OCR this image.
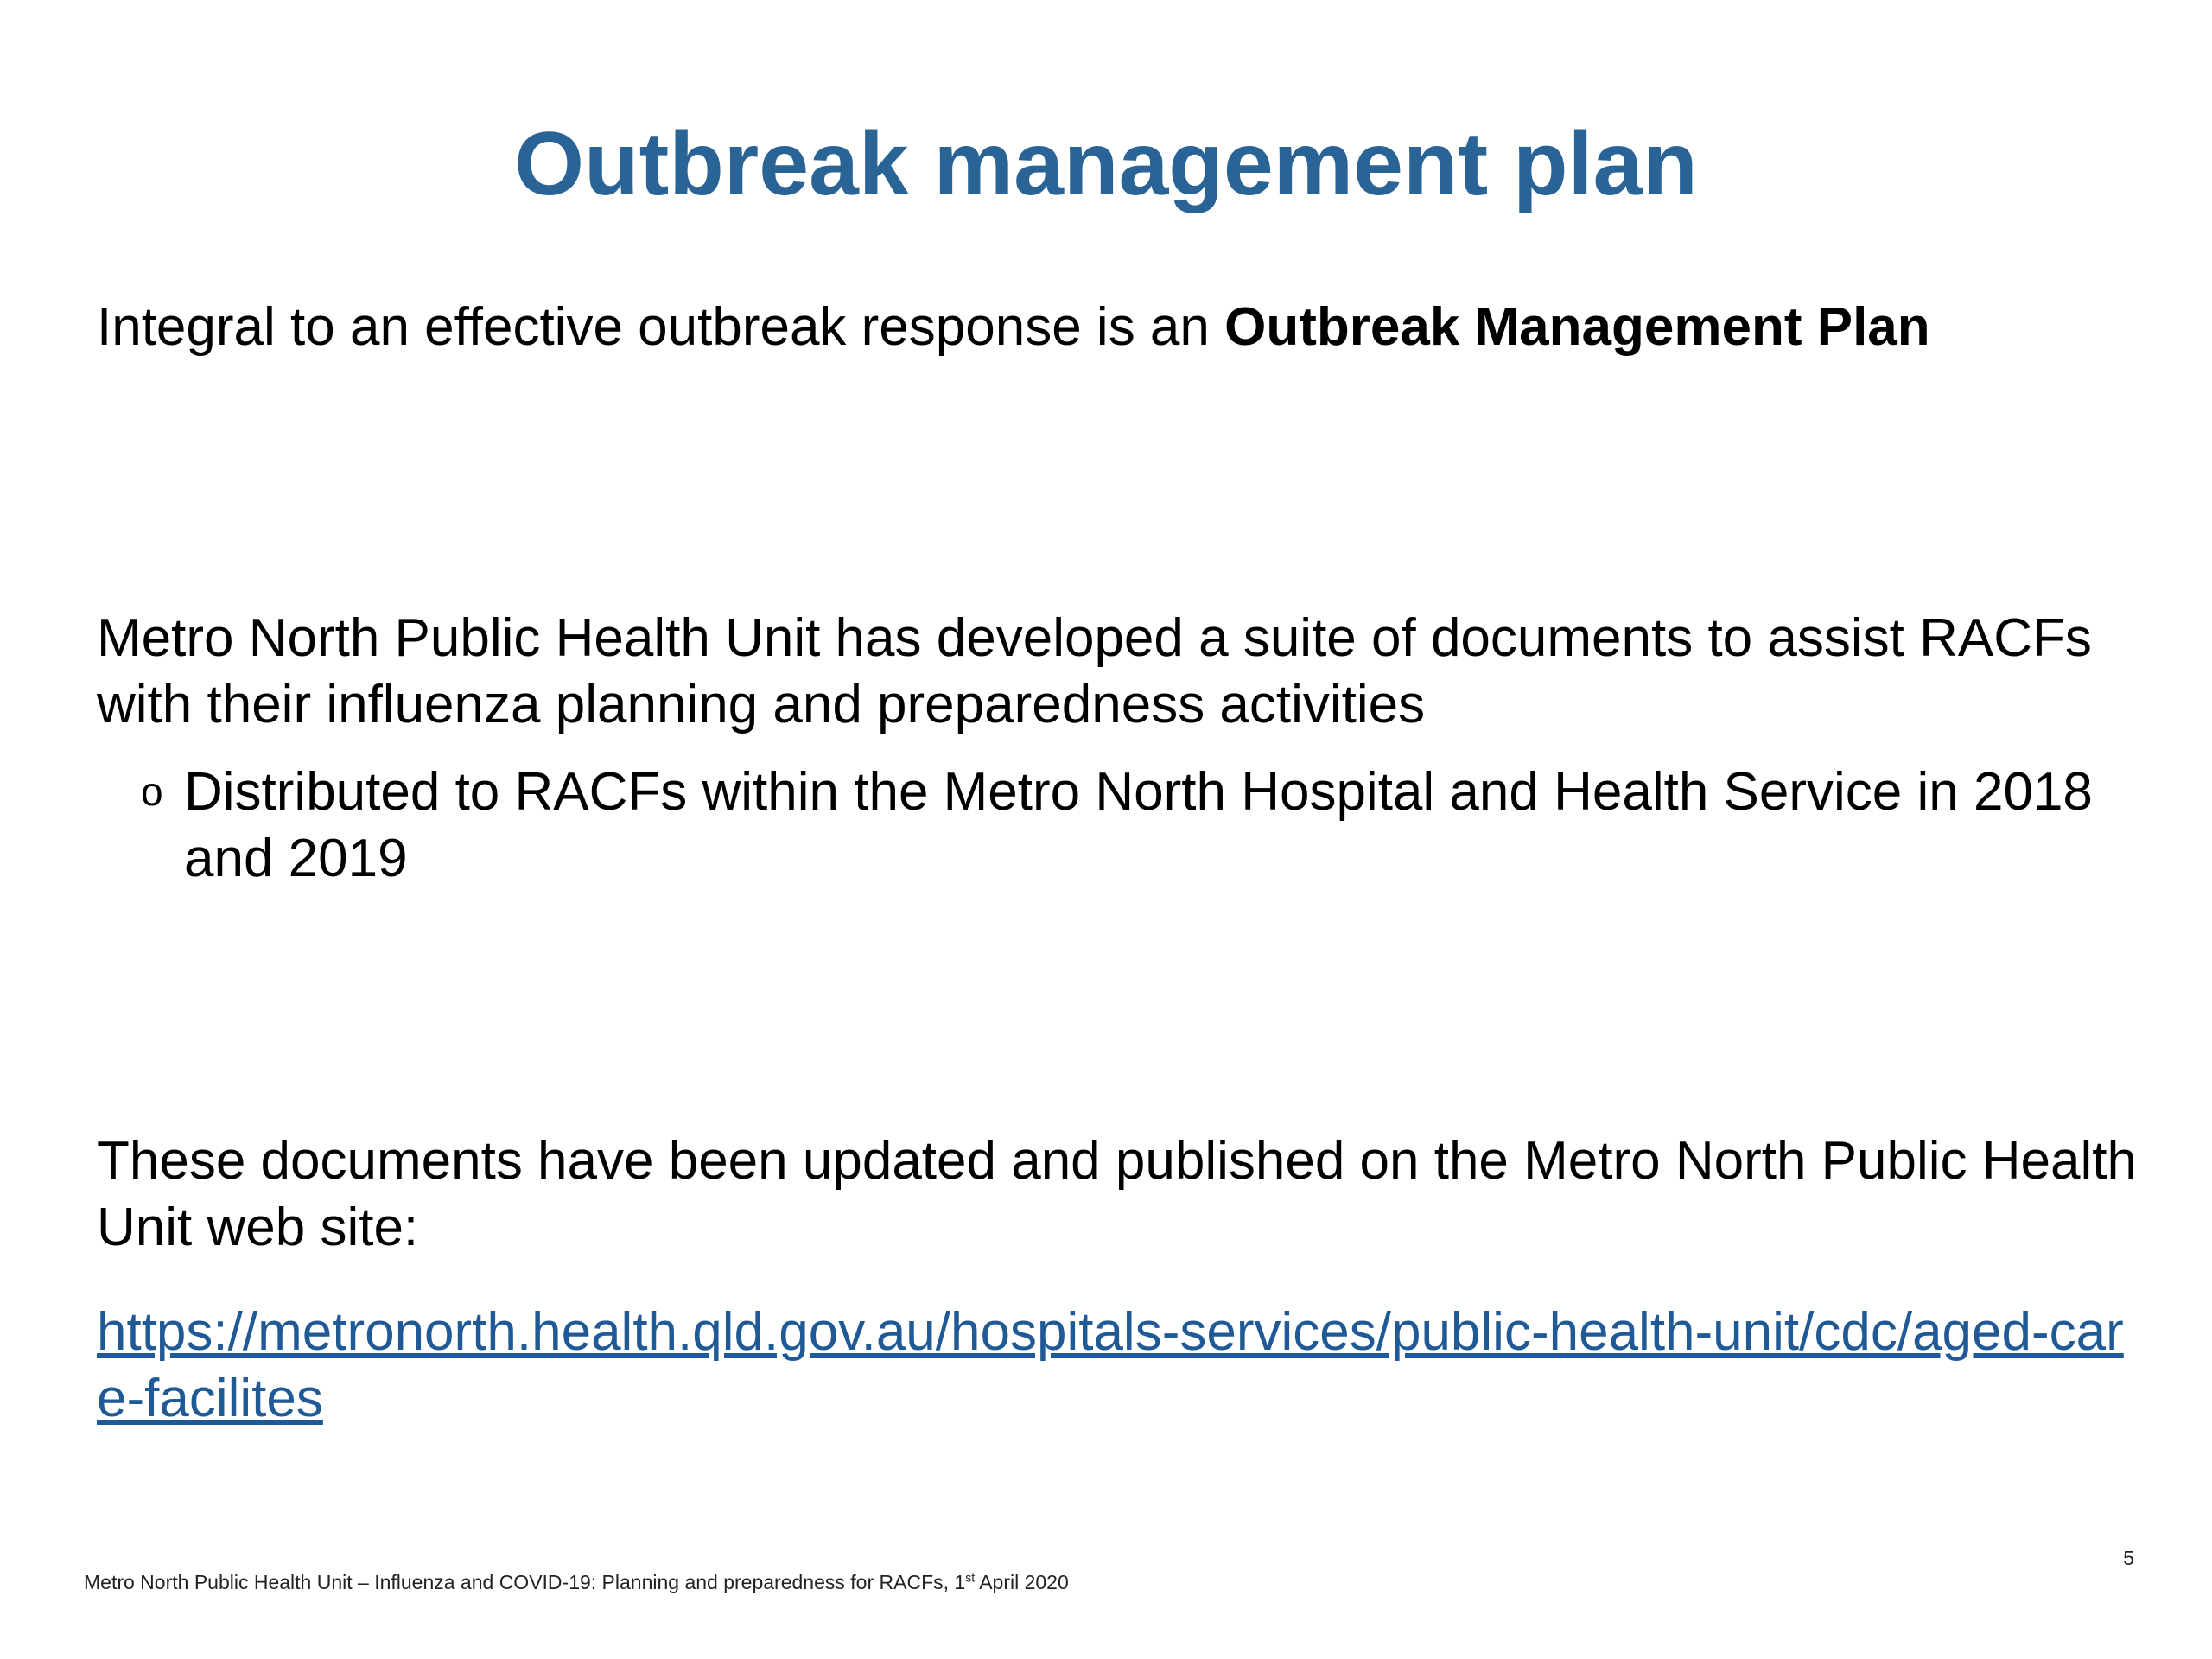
Outbreak management plan

Integral to an effective outbreak response is an Outbreak Management Plan

Metro North Public Health Unit has developed a suite of documents to assist RACFs with their influenza planning and preparedness activities

o Distributed to RACFs within the Metro North Hospital and Health Service in 2018 and 2019

These documents have been updated and published on the Metro North Public Health Unit web site:

https://metronorth.health.qld.gov.au/hospitals-services/public-health-unit/cdc/aged-care-facilites
Metro North Public Health Unit – Influenza and COVID-19: Planning and preparedness for RACFs, 1st April 2020
5
